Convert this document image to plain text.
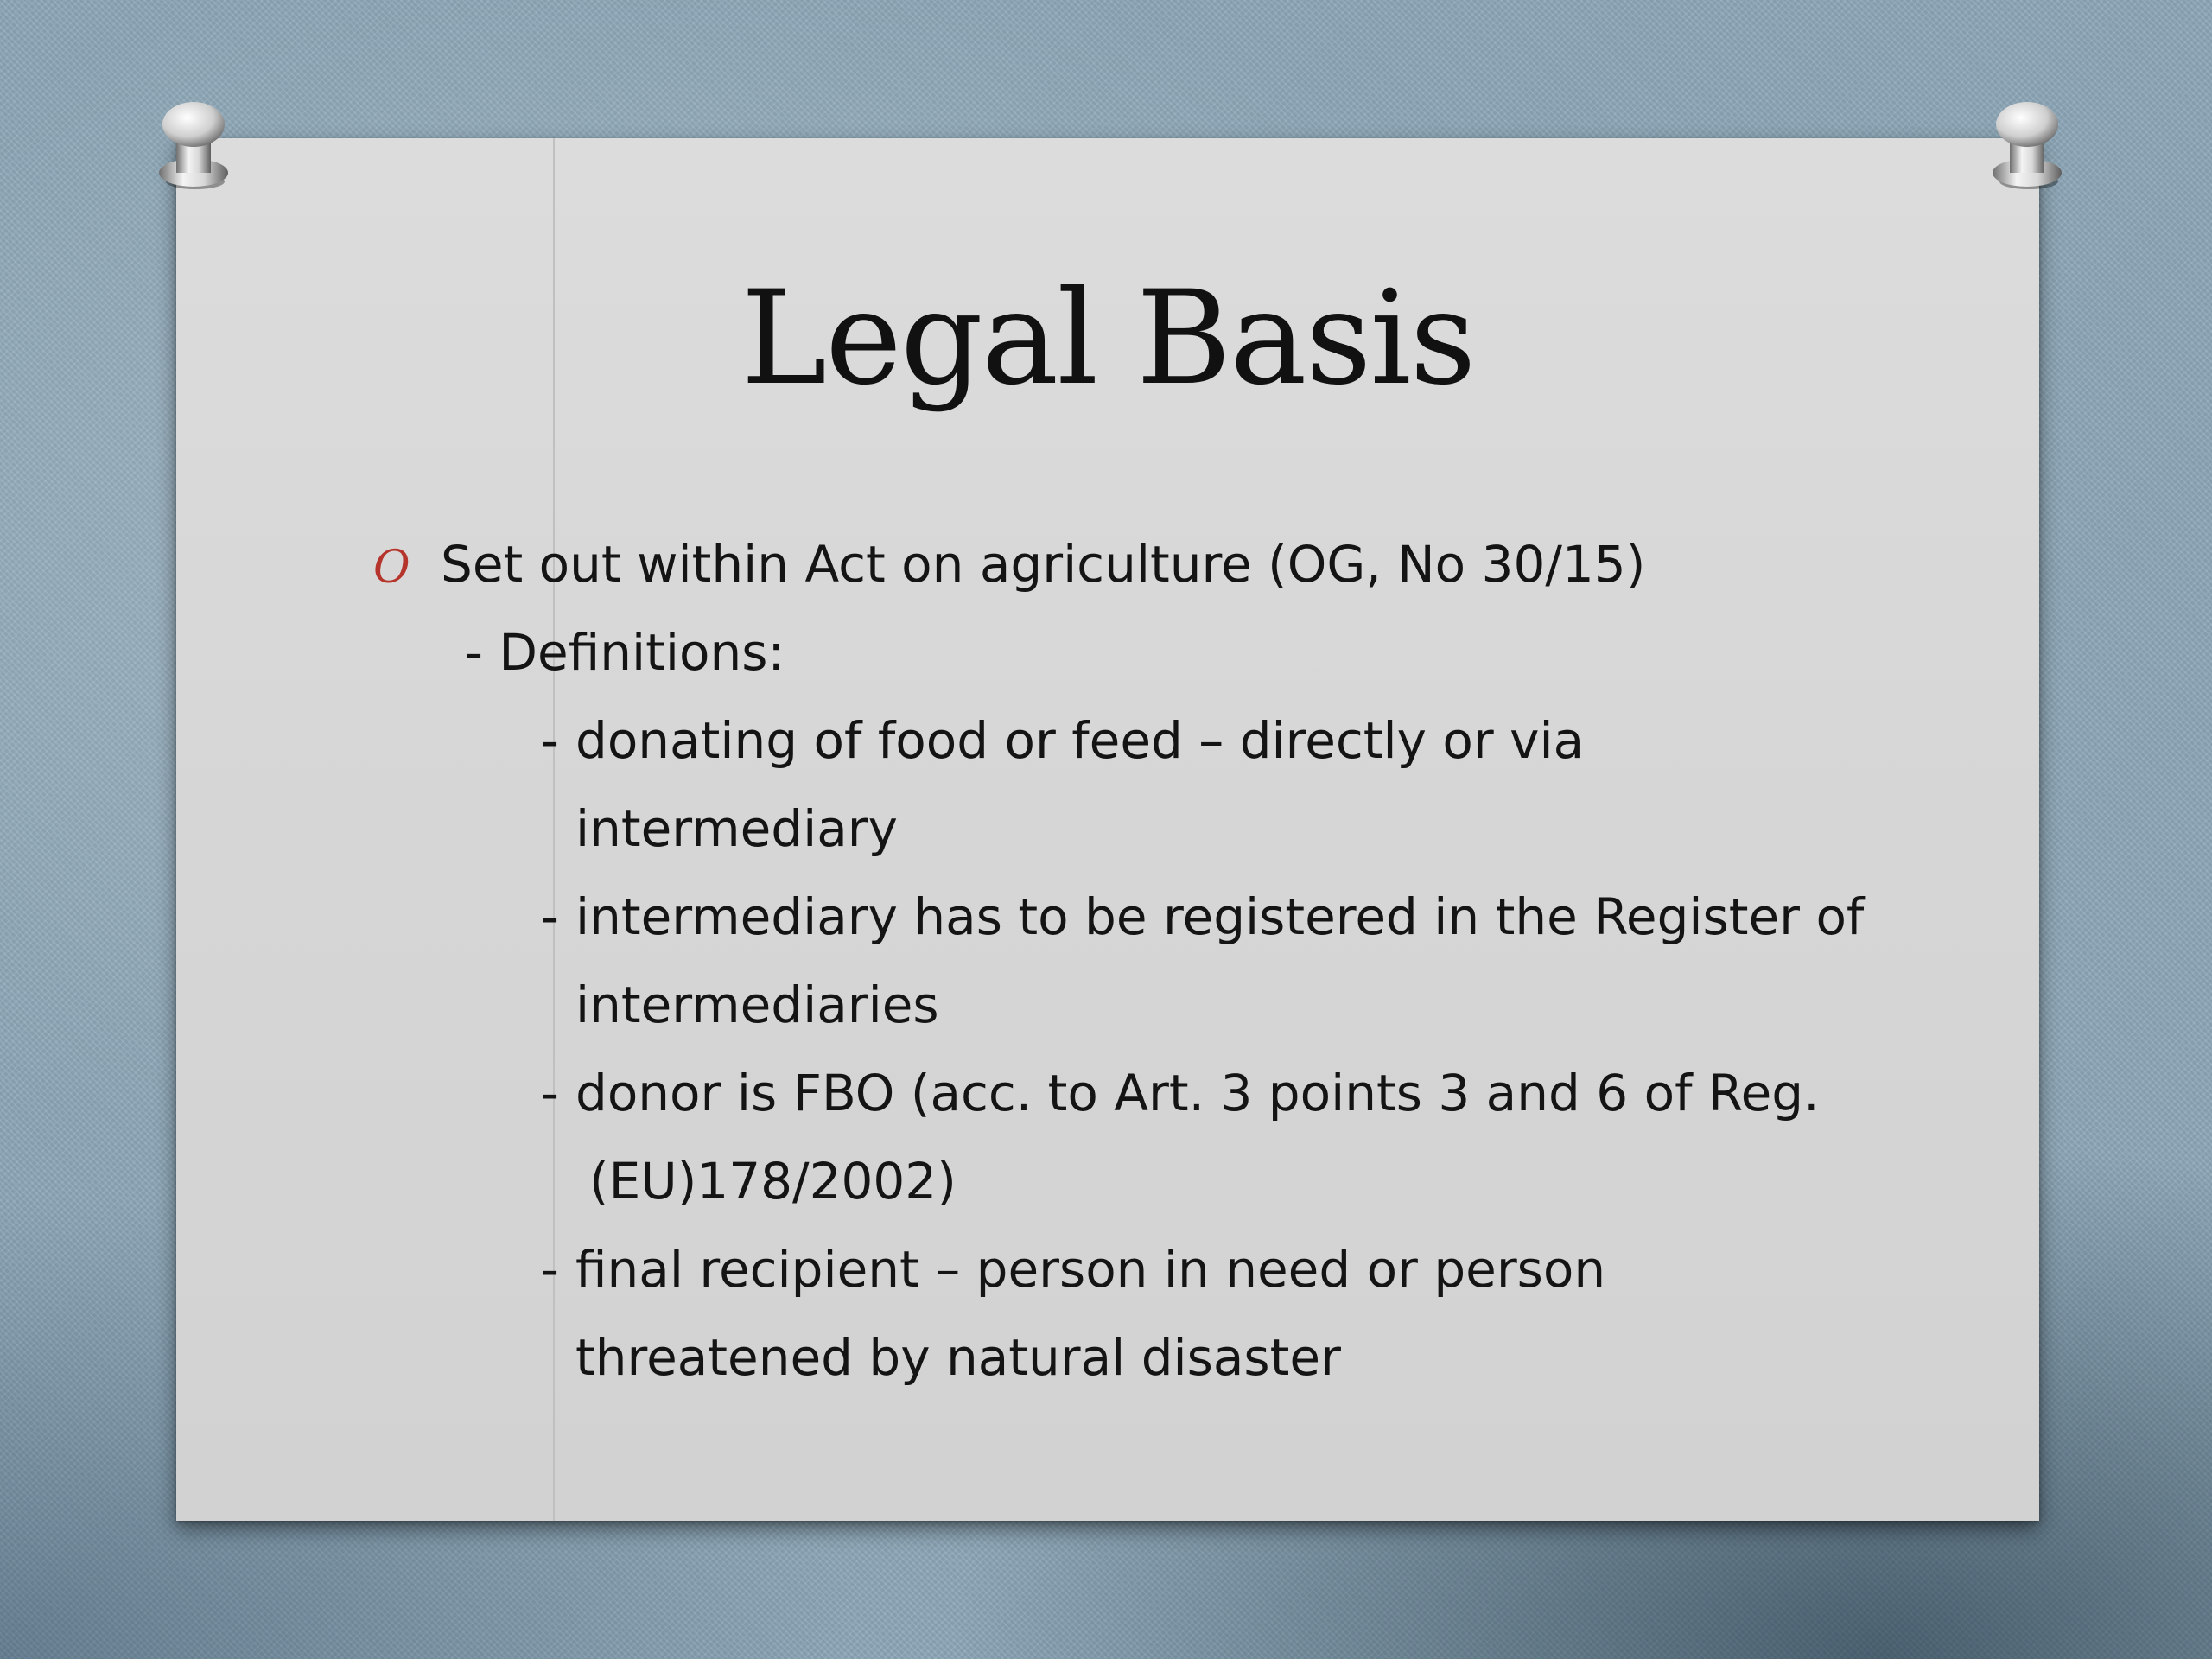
Legal Basis
O Set out within Act on agriculture (OG, No 30/15)
- Definitions:
- donating of food or feed – directly or via
intermediary
- intermediary has to be registered in the Register of
intermediaries
- donor is FBO (acc. to Art. 3 points 3 and 6 of Reg.
(EU)178/2002)
- final recipient – person in need or person
threatened by natural disaster
